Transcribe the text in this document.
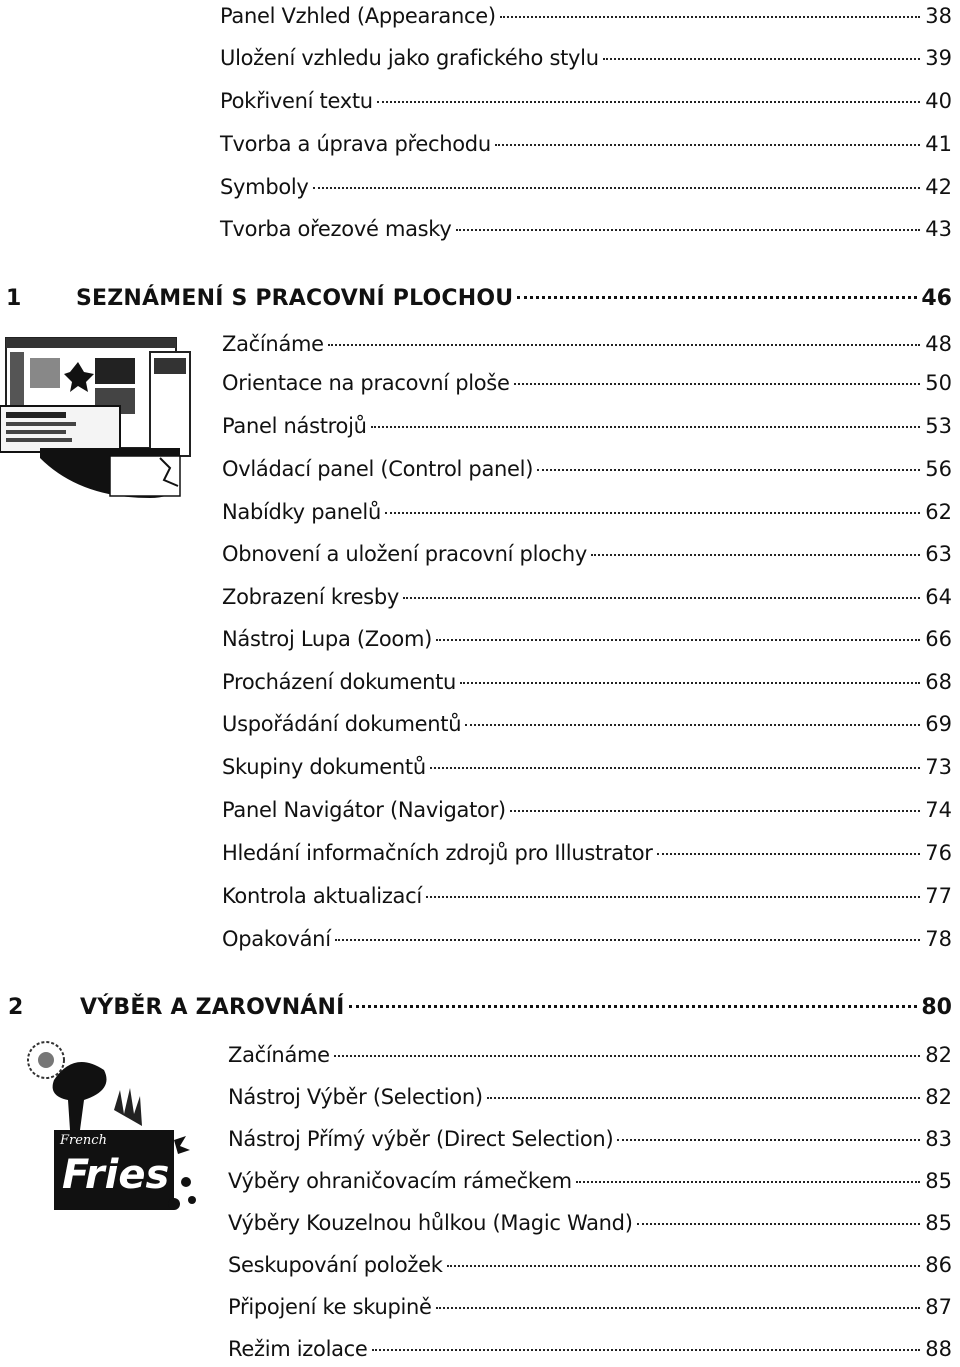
Panel Vzhled (Appearance)	38
Uložení vzhledu jako grafického stylu	39
Pokřivení textu	40
Tvorba a úprava přechodu	41
Symboly	42
Tvorba ořezové masky	43
1 SEZNÁMENÍ S PRACOVNÍ PLOCHOU	46
Začínáme	48
Orientace na pracovní ploše	50
Panel nástrojů	53
Ovládací panel (Control panel)	56
Nabídky panelů	62
Obnovení a uložení pracovní plochy	63
Zobrazení kresby	64
Nástroj Lupa (Zoom)	66
Procházení dokumentu	68
Uspořádání dokumentů	69
Skupiny dokumentů	73
Panel Navigátor (Navigator)	74
Hledání informačních zdrojů pro Illustrator	76
Kontrola aktualizací	77
Opakování	78
2	VÝBĚR A ZAROVNÁNÍ	80
French
Fries
Začínáme	82
Nástroj Výběr (Selection)	82
Nástroj Přímý výběr (Direct Selection)	83
Výběry ohraničovacím rámečkem	85
Výběry Kouzelnou hůlkou (Magic Wand)	85
Seskupování položek	86
Připojení ke skupině	87
Režim izolace	88
